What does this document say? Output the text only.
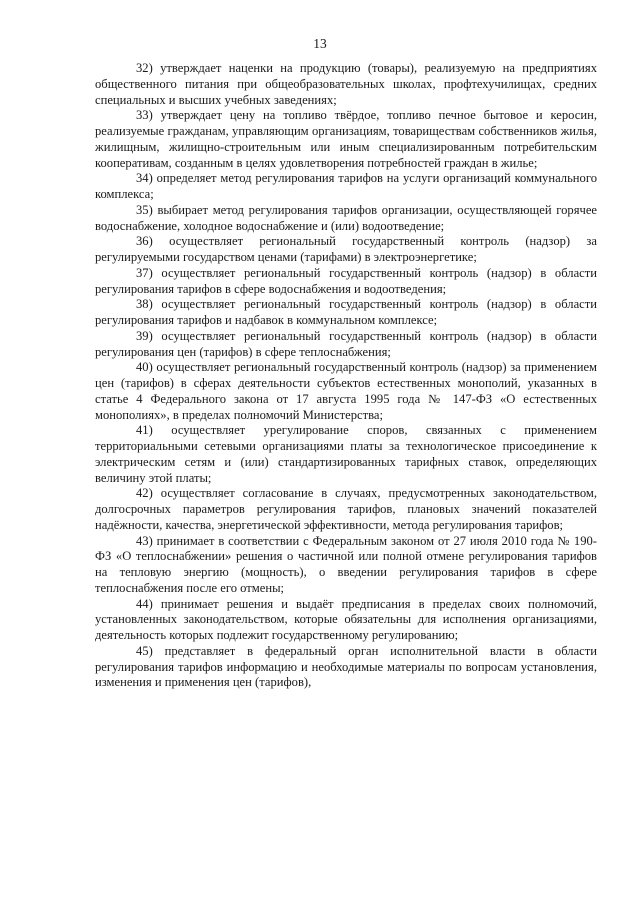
13

32) утверждает наценки на продукцию (товары), реализуемую на предприятиях общественного питания при общеобразовательных школах, профтехучилищах, средних специальных и высших учебных заведениях;

33) утверждает цену на топливо твёрдое, топливо печное бытовое и керосин, реализуемые гражданам, управляющим организациям, товариществам собственников жилья, жилищным, жилищно-строительным или иным специализированным потребительским кооперативам, созданным в целях удовлетворения потребностей граждан в жилье;

34) определяет метод регулирования тарифов на услуги организаций коммунального комплекса;

35) выбирает метод регулирования тарифов организации, осуществляющей горячее водоснабжение, холодное водоснабжение и (или) водоотведение;

36) осуществляет региональный государственный контроль (надзор) за регулируемыми государством ценами (тарифами) в электроэнергетике;

37) осуществляет региональный государственный контроль (надзор) в области регулирования тарифов в сфере водоснабжения и водоотведения;

38) осуществляет региональный государственный контроль (надзор) в области регулирования тарифов и надбавок в коммунальном комплексе;

39) осуществляет региональный государственный контроль (надзор) в области регулирования цен (тарифов) в сфере теплоснабжения;

40) осуществляет региональный государственный контроль (надзор) за применением цен (тарифов) в сферах деятельности субъектов естественных монополий, указанных в статье 4 Федерального закона от 17 августа 1995 года № 147-ФЗ «О естественных монополиях», в пределах полномочий Министерства;

41) осуществляет урегулирование споров, связанных с применением территориальными сетевыми организациями платы за технологическое присоединение к электрическим сетям и (или) стандартизированных тарифных ставок, определяющих величину этой платы;

42) осуществляет согласование в случаях, предусмотренных законодательством, долгосрочных параметров регулирования тарифов, плановых значений показателей надёжности, качества, энергетической эффективности, метода регулирования тарифов;

43) принимает в соответствии с Федеральным законом от 27 июля 2010 года № 190-ФЗ «О теплоснабжении» решения о частичной или полной отмене регулирования тарифов на тепловую энергию (мощность), о введении регулирования тарифов в сфере теплоснабжения после его отмены;

44) принимает решения и выдаёт предписания в пределах своих полномочий, установленных законодательством, которые обязательны для исполнения организациями, деятельность которых подлежит государственному регулированию;

45) представляет в федеральный орган исполнительной власти в области регулирования тарифов информацию и необходимые материалы по вопросам установления, изменения и применения цен (тарифов),
